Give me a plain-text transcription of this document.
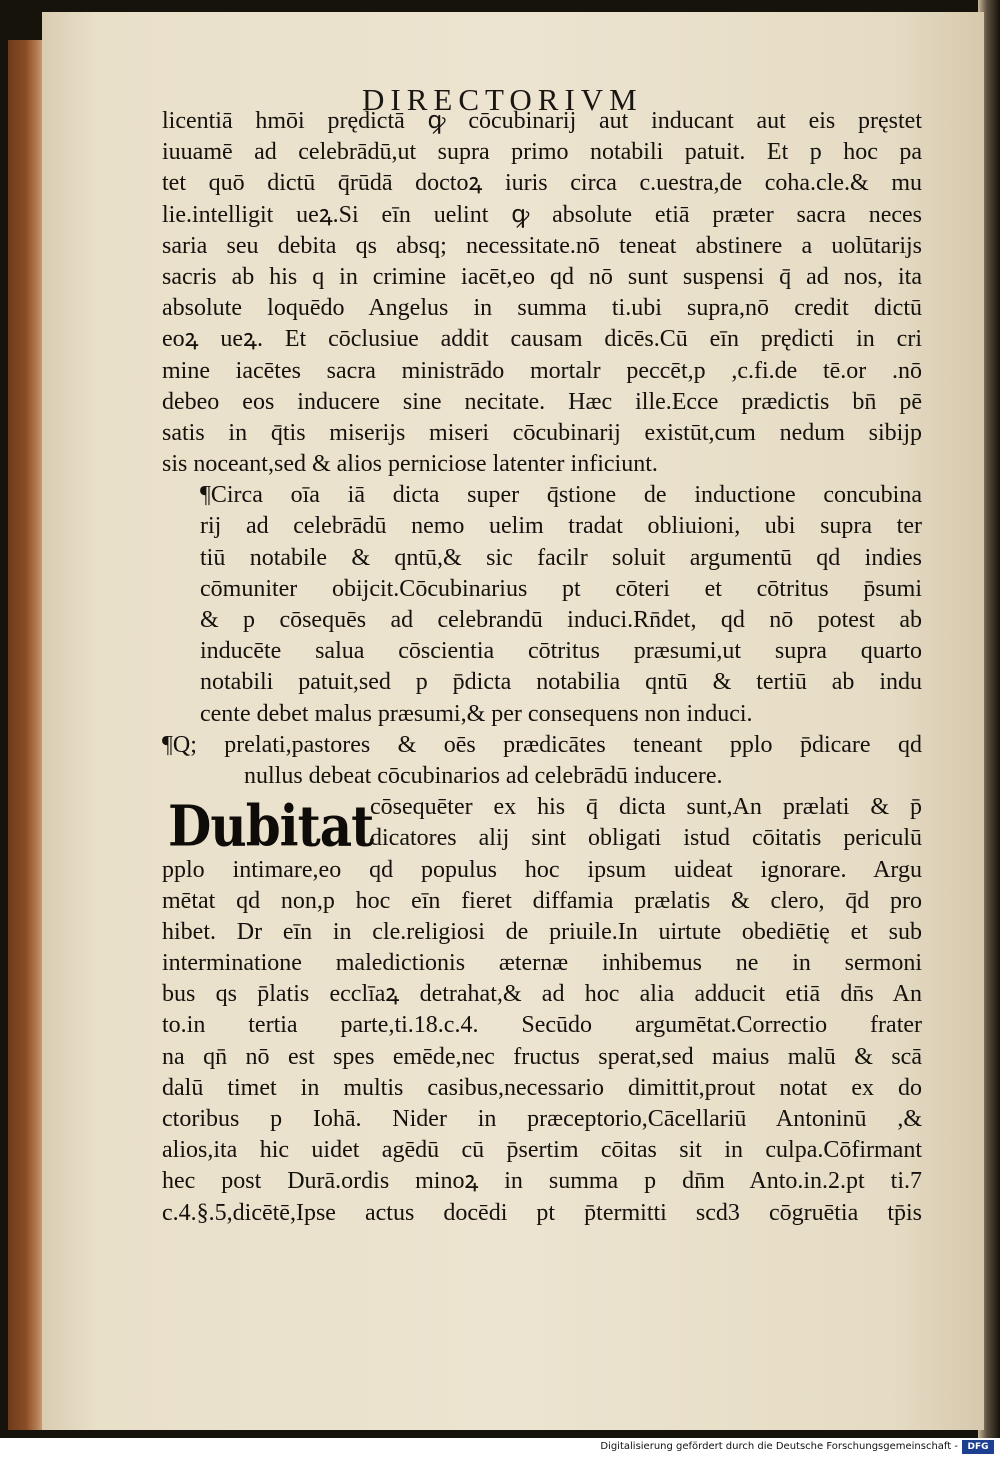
DIRECTORIVM
licentiā hmōi prędictā ꝙ cōcubinarij aut inducant aut eis pręstet
iuuamē ad celebrādū,ut supra primo notabili patuit. Et p hoc pa
tet quō dictū q̄rūdā doctoꝝ iuris circa c.uestra,de coha.cle.& mu
lie.intelligit ueꝝ.Si eīn uelint ꝙ absolute etiā præter sacra neces
saria seu debita qs absq; necessitate.nō teneat abstinere a uolūtarijs
sacris ab his q in crimine iacēt,eo qd nō sunt suspensi q̄ ad nos, ita
absolute loquēdo Angelus in summa ti.ubi supra,nō credit dictū
eoꝝ ueꝝ. Et cōclusiue addit causam dicēs.Cū eīn prędicti in cri
mine iacētes sacra ministrādo mortalr peccēt,p ,c.fi.de tē.or .nō
debeo eos inducere sine necitate. Hæc ille.Ecce prædictis bn̄ pē
satis in q̄tis miserijs miseri cōcubinarij existūt,cum nedum sibijp
sis noceant,sed & alios perniciose latenter inficiunt.
¶Circa oīa iā dicta super q̄stione de inductione concubina
rij ad celebrādū nemo uelim tradat obliuioni, ubi supra ter
tiū notabile & qntū,& sic facilr soluit argumentū qd indies
cōmuniter obijcit.Cōcubinarius pt cōteri et cōtritus p̄sumi
& p cōsequēs ad celebrandū induci.Rn̄det, qd nō potest ab
inducēte salua cōscientia cōtritus præsumi,ut supra quarto
notabili patuit,sed p p̄dicta notabilia qntū & tertiū ab indu
cente debet malus præsumi,& per consequens non induci.
¶Q; prelati,pastores & oēs prædicātes teneant pplo p̄dicare qd
nullus debeat cōcubinarios ad celebrādū inducere.
Dubitat
cōsequēter ex his q̄ dicta sunt,An prælati & p̄
dicatores alij sint obligati istud cōitatis periculū
pplo intimare,eo qd populus hoc ipsum uideat ignorare. Argu
mētat qd non,p hoc eīn fieret diffamia prælatis & clero, q̄d pro
hibet. Dr eīn in cle.religiosi de priuile.In uirtute obediētię et sub
interminatione maledictionis æternæ inhibemus ne in sermoni
bus qs p̄latis ecclīaꝝ detrahat,& ad hoc alia adducit etiā dn̄s An
to.in tertia parte,ti.18.c.4. Secūdo argumētat.Correctio frater
na qn̄ nō est spes emēde,nec fructus sperat,sed maius malū & scā
dalū timet in multis casibus,necessario dimittit,prout notat ex do
ctoribus p Iohā. Nider in præceptorio,Cācellariū Antoninū ,&
alios,ita hic uidet agēdū cū p̄sertim cōitas sit in culpa.Cōfirmant
hec post Durā.ordis minoꝝ in summa p dn̄m Anto.in.2.pt ti.7
c.4.§.5,dicētē,Ipse actus docēdi pt p̄termitti scd3 cōgruētia tp̄is
Digitalisierung gefördert durch die Deutsche Forschungsgemeinschaft -	DFG
